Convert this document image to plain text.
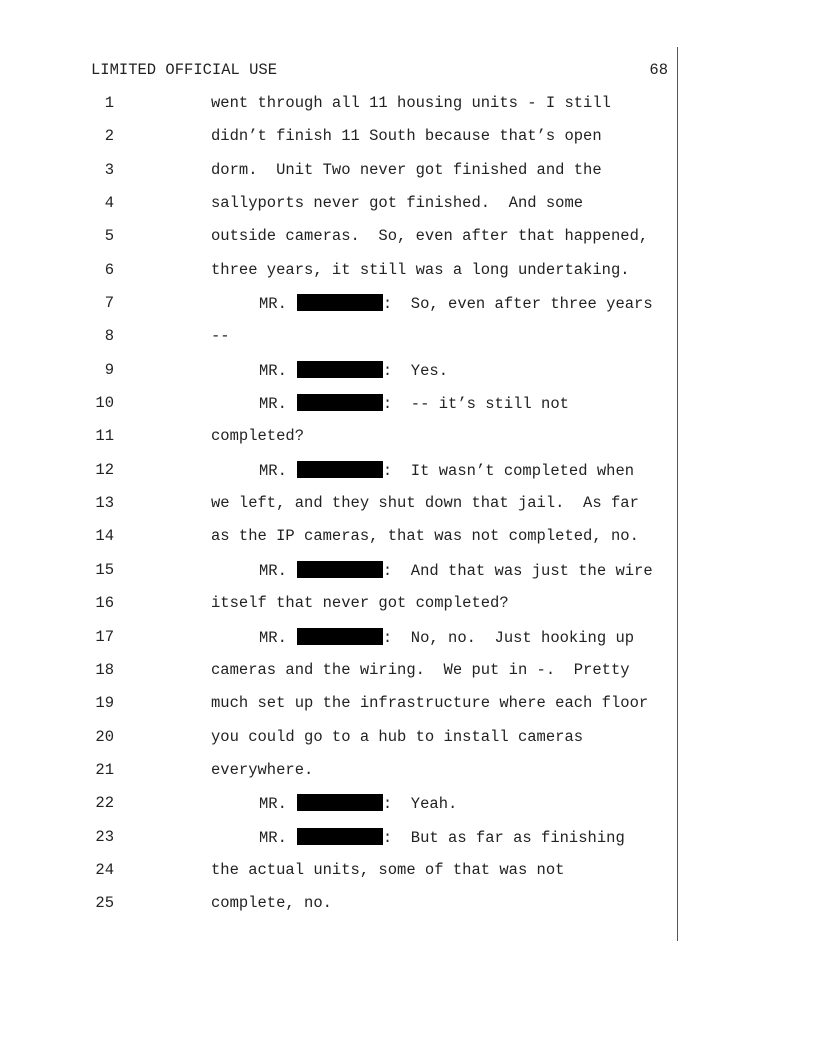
LIMITED OFFICIAL USE	68
1	went through all 11 housing units - I still
2	didn’t finish 11 South because that’s open
3	dorm.  Unit Two never got finished and the
4	sallyports never got finished.  And some
5	outside cameras.  So, even after that happened,
6	three years, it still was a long undertaking.
7	MR.	:  So, even after three years
8	--
9	MR.	:  Yes.
10	MR.	:  -- it’s still not
11	completed?
12	MR.	:  It wasn’t completed when
13	we left, and they shut down that jail.  As far
14	as the IP cameras, that was not completed, no.
15	MR.	:  And that was just the wire
16	itself that never got completed?
17	MR.	:  No, no.  Just hooking up
18	cameras and the wiring.  We put in -.  Pretty
19	much set up the infrastructure where each floor
20	you could go to a hub to install cameras
21	everywhere.
22	MR.	:  Yeah.
23	MR.	:  But as far as finishing
24	the actual units, some of that was not
25	complete, no.
